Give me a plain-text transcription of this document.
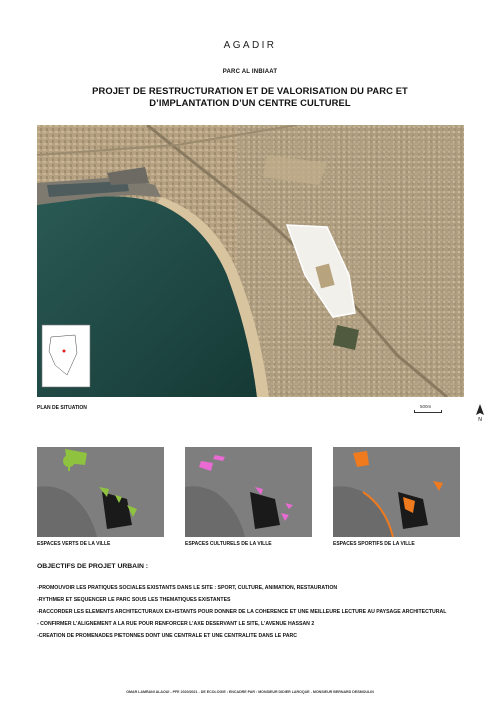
AGADIR
PARC AL INBIAAT
PROJET DE RESTRUCTURATION ET DE VALORISATION DU PARC ET
D’IMPLANTATION D’UN CENTRE CULTUREL
PLAN DE SITUATION	500m
N
ESPACES VERTS DE LA VILLE	ESPACES CULTURELS DE LA VILLE	ESPACES SPORTIFS DE LA VILLE
OBJECTIFS DE PROJET URBAIN :
-PROMOUVOIR LES PRATIQUES SOCIALES EXISTANTS DANS LE SITE : SPORT, CULTURE, ANIMATION, RESTAURATION
-RYTHMER ET SEQUENCER LE PARC SOUS LES THEMATIQUES EXISTANTES
-RACCORDER LES ELEMENTS ARCHITECTURAUX EX+ISTANTS POUR DONNER DE LA COHERENCE ET UNE MEILLEURE LECTURE AU PAYSAGE ARCHITECTURAL
- CONFIRMER L’ALIGNEMENT A LA RUE POUR RENFORCER L’AXE DESERVANT LE SITE, L’AVENUE HASSAN 2
-CREATION DE PROMENADES PIETONNES DONT UNE CENTRALE ET UNE CENTRALITE DANS LE PARC
OMAR LAMRANI ALAOUI - PFE 2020/2021 - DE ECOLOGIE : ENCADRE PAR : MONSIEUR DIDIER LAROQUE - MONSIEUR BERNARD DESMOULIN
